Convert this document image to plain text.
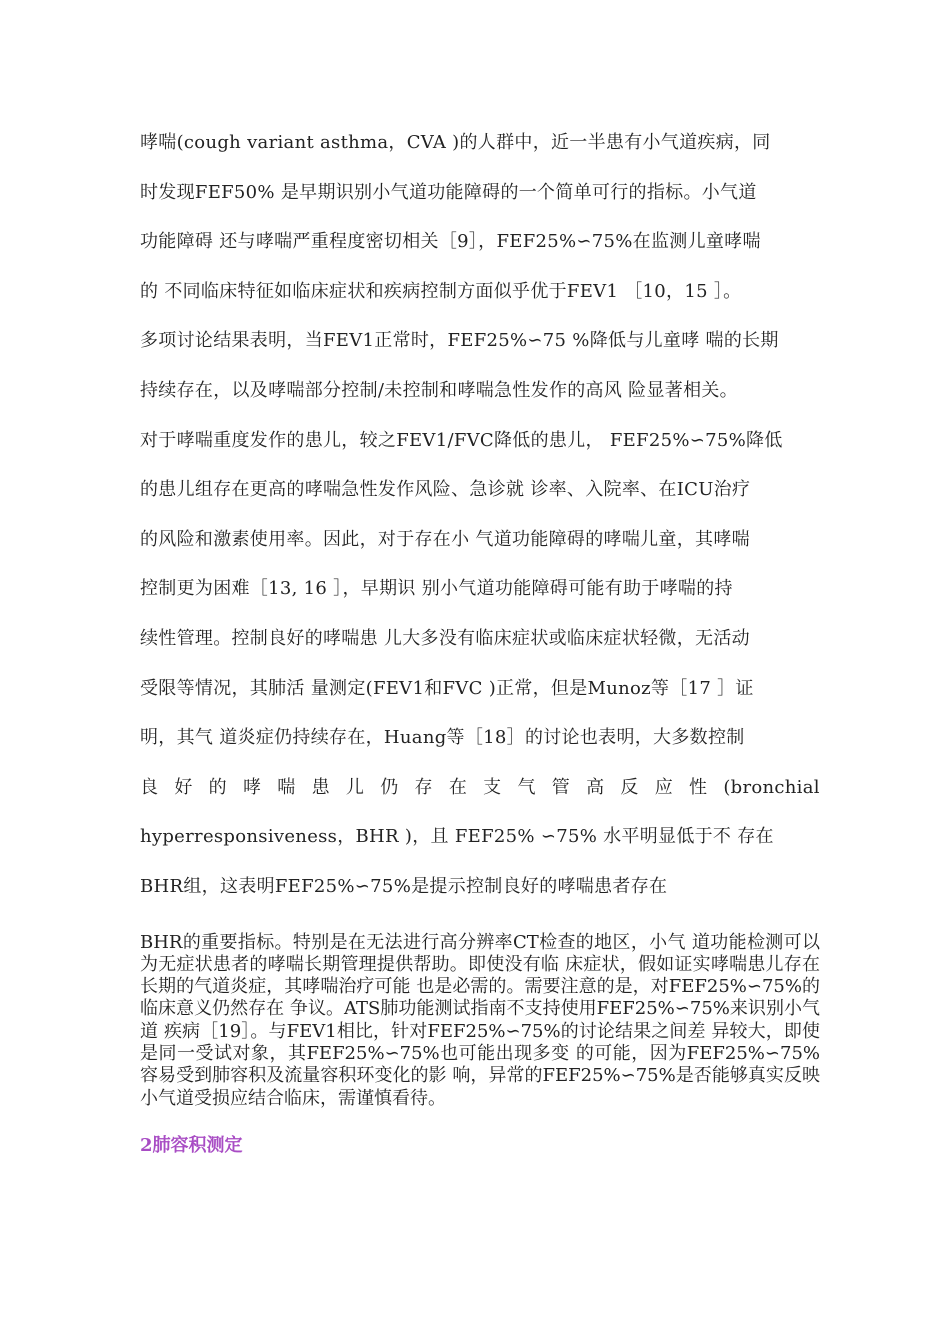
哮喘(cough variant asthma，CVA )的人群中，近一半患有小气道疾病，同
时发现FEF50% 是早期识别小气道功能障碍的一个简单可行的指标。小气道
功能障碍 还与哮喘严重程度密切相关［9］，FEF25%∽75%在监测儿童哮喘
的 不同临床特征如临床症状和疾病控制方面似乎优于FEV1 ［10，15 ］。
多项讨论结果表明，当FEV1正常时，FEF25%∽75 %降低与儿童哮 喘的长期
持续存在，以及哮喘部分控制/未控制和哮喘急性发作的高风 险显著相关。
对于哮喘重度发作的患儿，较之FEV1/FVC降低的患儿， FEF25%∽75%降低
的患儿组存在更高的哮喘急性发作风险、急诊就 诊率、入院率、在ICU治疗
的风险和激素使用率。因此，对于存在小 气道功能障碍的哮喘儿童，其哮喘
控制更为困难［13, 16 ］，早期识 别小气道功能障碍可能有助于哮喘的持
续性管理。控制良好的哮喘患 儿大多没有临床症状或临床症状轻微，无活动
受限等情况，其肺活 量测定(FEV1和FVC )正常，但是Munoz等［17 ］证
明，其气 道炎症仍持续存在，Huang等［18］的讨论也表明，大多数控制
良 好 的 哮 喘 患 儿 仍 存 在 支 气 管 高 反 应 性 (bronchial
hyperresponsiveness，BHR )，且 FEF25% ∽75% 水平明显低于不 存在
BHR组，这表明FEF25%∽75%是提示控制良好的哮喘患者存在

BHR的重要指标。特别是在无法进行高分辨率CT检查的地区，小气 道功能检测可以为无症状患者的哮喘长期管理提供帮助。即使没有临 床症状，假如证实哮喘患儿存在长期的气道炎症，其哮喘治疗可能 也是必需的。需要注意的是，对FEF25%∽75%的临床意义仍然存在 争议。ATS肺功能测试指南不支持使用FEF25%∽75%来识别小气道 疾病［19］。与FEV1相比，针对FEF25%∽75%的讨论结果之间差 异较大，即使是同一受试对象，其FEF25%∽75%也可能出现多变 的可能，因为FEF25%∽75%容易受到肺容积及流量容积环变化的影 响，异常的FEF25%∽75%是否能够真实反映小气道受损应结合临床，需谨慎看待。

2肺容积测定
